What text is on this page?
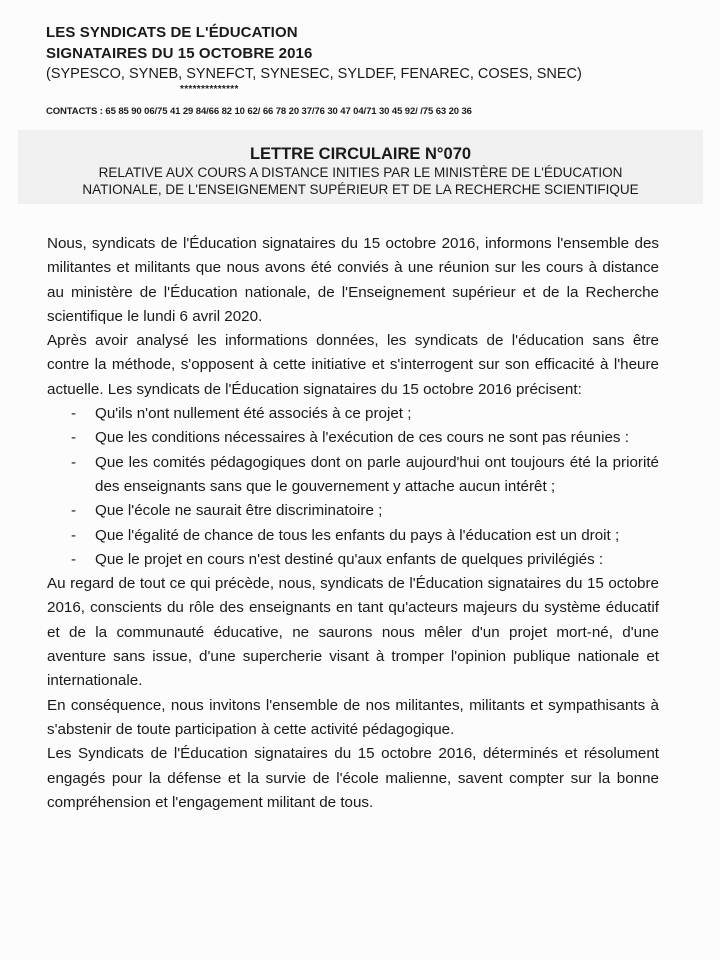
LES SYNDICATS DE L'ÉDUCATION
SIGNATAIRES DU 15 OCTOBRE 2016
(SYPESCO, SYNEB, SYNEFCT, SYNESEC, SYLDEF, FENAREC, COSES, SNEC)
**************
CONTACTS : 65 85 90 06/75 41 29 84/66 82 10 62/ 66 78 20 37/76 30 47 04/71 30 45 92/ /75 63 20 36
LETTRE CIRCULAIRE N°070
RELATIVE AUX COURS A DISTANCE INITIES PAR LE MINISTÈRE DE L'ÉDUCATION
NATIONALE, DE L'ENSEIGNEMENT SUPÉRIEUR ET DE LA RECHERCHE SCIENTIFIQUE

Nous, syndicats de l'Éducation signataires du 15 octobre 2016, informons l'ensemble des militantes et militants que nous avons été conviés à une réunion sur les cours à distance au ministère de l'Éducation nationale, de l'Enseignement supérieur et de la Recherche scientifique le lundi 6 avril 2020.

Après avoir analysé les informations données, les syndicats de l'éducation sans être contre la méthode, s'opposent à cette initiative et s'interrogent sur son efficacité à l'heure actuelle. Les syndicats de l'Éducation signataires du 15 octobre 2016 précisent:

- Qu'ils n'ont nullement été associés à ce projet ;
- Que les conditions nécessaires à l'exécution de ces cours ne sont pas réunies :
- Que les comités pédagogiques dont on parle aujourd'hui ont toujours été la priorité des enseignants sans que le gouvernement y attache aucun intérêt ;
- Que l'école ne saurait être discriminatoire ;
- Que l'égalité de chance de tous les enfants du pays à l'éducation est un droit ;
- Que le projet en cours n'est destiné qu'aux enfants de quelques privilégiés :

Au regard de tout ce qui précède, nous, syndicats de l'Éducation signataires du 15 octobre 2016, conscients du rôle des enseignants en tant qu'acteurs majeurs du système éducatif et de la communauté éducative, ne saurons nous mêler d'un projet mort-né, d'une aventure sans issue, d'une supercherie visant à tromper l'opinion publique nationale et internationale.

En conséquence, nous invitons l'ensemble de nos militantes, militants et sympathisants à s'abstenir de toute participation à cette activité pédagogique.

Les Syndicats de l'Éducation signataires du 15 octobre 2016, déterminés et résolument engagés pour la défense et la survie de l'école malienne, savent compter sur la bonne compréhension et l'engagement militant de tous.
